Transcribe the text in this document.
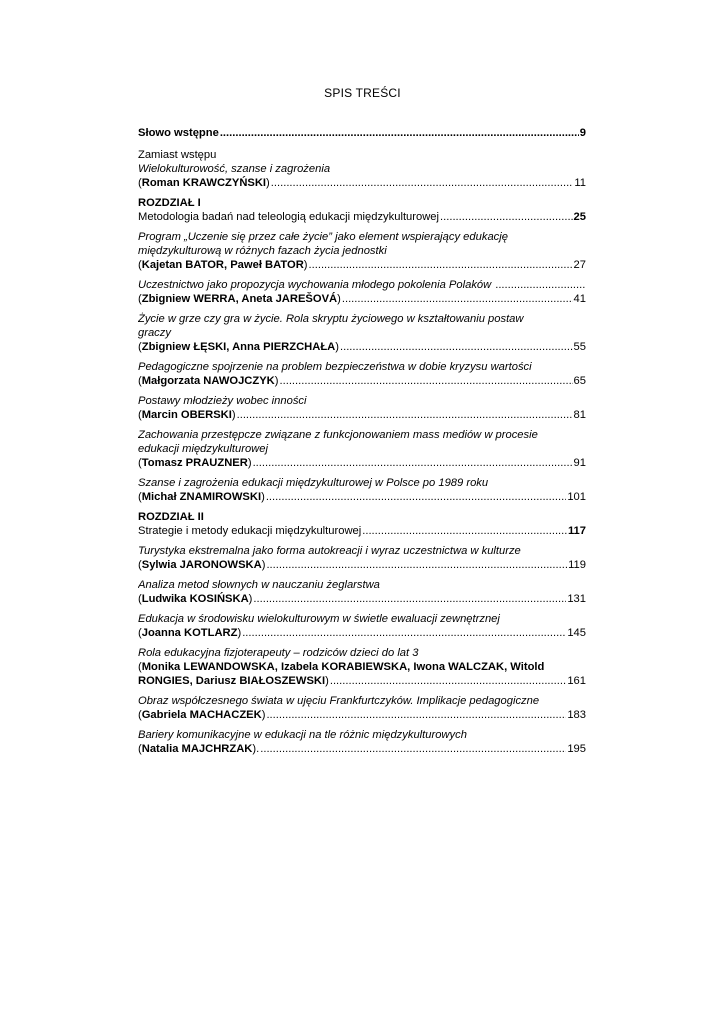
SPIS TREŚCI
Słowo wstępne .....	9
Zamiast wstępu
Wielokulturowość, szanse i zagrożenia
(Roman KRAWCZYŃSKI) .....	11
ROZDZIAŁ I
Metodologia badań nad teleologią edukacji międzykulturowej .....	25
Program „Uczenie się przez całe życie” jako element wspierający edukację
międzykulturową w różnych fazach życia jednostki
(Kajetan BATOR, Paweł BATOR) .....	27
Uczestnictwo jako propozycja wychowania młodego pokolenia Polaków
.....
(Zbigniew WERRA, Aneta JAREŠOVÁ) .....	41
Życie w grze czy gra w życie. Rola skryptu życiowego w kształtowaniu postaw
graczy
(Zbigniew ŁĘSKI, Anna PIERZCHAŁA) .....	55
Pedagogiczne spojrzenie na problem bezpieczeństwa w dobie kryzysu wartości
(Małgorzata NAWOJCZYK) .....	65
Postawy młodzieży wobec inności
(Marcin OBERSKI) .....	81
Zachowania przestępcze związane z funkcjonowaniem mass mediów w procesie
edukacji międzykulturowej
(Tomasz PRAUZNER) .....	91
Szanse i zagrożenia edukacji międzykulturowej w Polsce po 1989 roku
(Michał ZNAMIROWSKI) .....	101
ROZDZIAŁ II
Strategie i metody edukacji międzykulturowej .....	117
Turystyka ekstremalna jako forma autokreacji i wyraz uczestnictwa w kulturze
(Sylwia JARONOWSKA) .....	119
Analiza metod słownych w nauczaniu żeglarstwa
(Ludwika KOSIŃSKA) .....	131
Edukacja w środowisku wielokulturowym w świetle ewaluacji zewnętrznej
(Joanna KOTLARZ) .....	145
Rola edukacyjna fizjoterapeuty – rodziców dzieci do lat 3
(Monika LEWANDOWSKA, Izabela KORABIEWSKA, Iwona WALCZAK, Witold
RONGIES, Dariusz BIAŁOSZEWSKI) .....	161
Obraz współczesnego świata w ujęciu Frankfurtczyków. Implikacje pedagogiczne
(Gabriela MACHACZEK) .....	183
Bariery komunikacyjne w edukacji na tle różnic międzykulturowych
(Natalia MAJCHRZAK). .....	195
